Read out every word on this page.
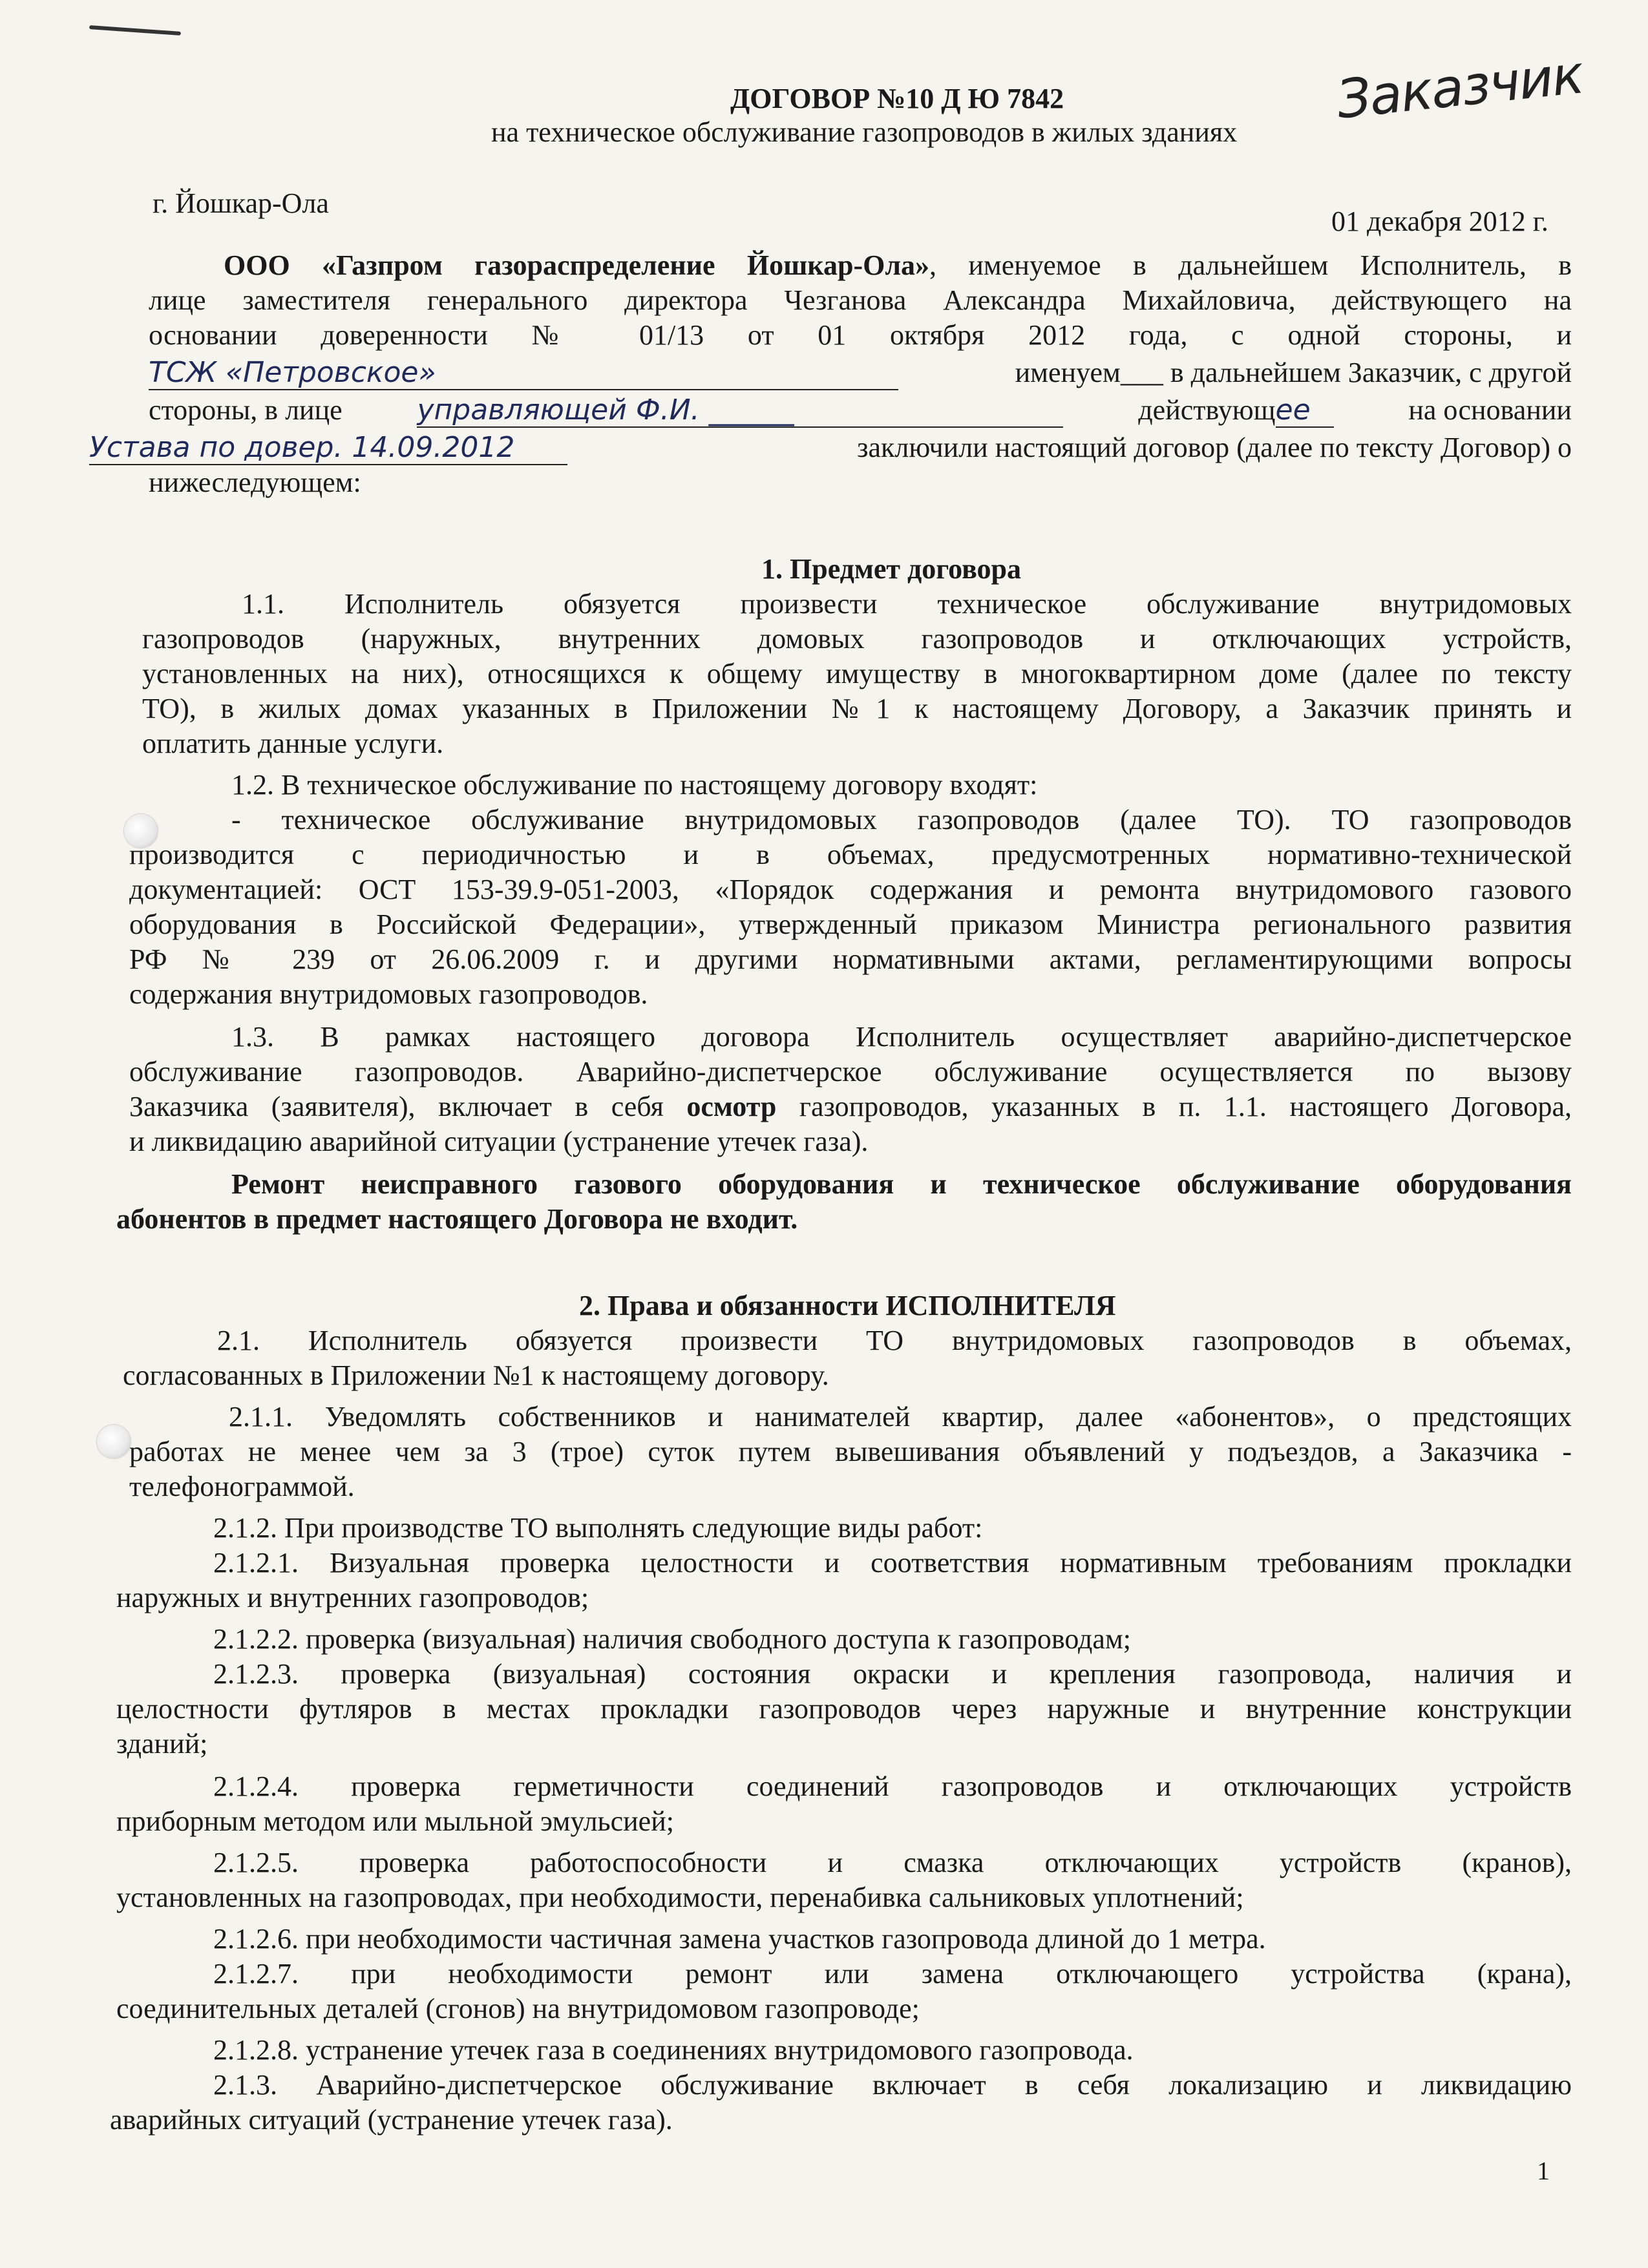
ДОГОВОР №10 Д Ю 7842	Заказчик
на техническое обслуживание газопроводов в жилых зданиях
г. Йошкар-Ола
01 декабря 2012 г.
ООО «Газпром газораспределение Йошкар-Ола», именуемое в дальнейшем Исполнитель, в
лице заместителя генерального директора Чезганова Александра Михайловича, действующего на
основании доверенности № 01/13 от 01 октября 2012 года, с одной стороны, и
ТСЖ «Петровское»	именуем___ в дальнейшем Заказчик, с другой
стороны, в лице	управляющей Ф.И. ______	действующее	на основании
Устава по довер. 14.09.2012	заключили настоящий договор (далее по тексту Договор) о
нижеследующем:
1. Предмет договора
1.1. Исполнитель обязуется произвести техническое обслуживание внутридомовых
газопроводов (наружных, внутренних домовых газопроводов и отключающих устройств,
установленных на них), относящихся к общему имуществу в многоквартирном доме (далее по тексту
ТО), в жилых домах указанных в Приложении №1 к настоящему Договору, а Заказчик принять и
оплатить данные услуги.
1.2. В техническое обслуживание по настоящему договору входят:
- техническое обслуживание внутридомовых газопроводов (далее ТО). ТО газопроводов
производится с периодичностью и в объемах, предусмотренных нормативно-технической
документацией: ОСТ 153-39.9-051-2003, «Порядок содержания и ремонта внутридомового газового
оборудования в Российской Федерации», утвержденный приказом Министра регионального развития
РФ № 239 от 26.06.2009 г. и другими нормативными актами, регламентирующими вопросы
содержания внутридомовых газопроводов.
1.3. В рамках настоящего договора Исполнитель осуществляет аварийно-диспетчерское
обслуживание газопроводов. Аварийно-диспетчерское обслуживание осуществляется по вызову
Заказчика (заявителя), включает в себя осмотр газопроводов, указанных в п. 1.1. настоящего Договора,
и ликвидацию аварийной ситуации (устранение утечек газа).
Ремонт неисправного газового оборудования и техническое обслуживание оборудования
абонентов в предмет настоящего Договора не входит.
2. Права и обязанности ИСПОЛНИТЕЛЯ
2.1. Исполнитель обязуется произвести ТО внутридомовых газопроводов в объемах,
согласованных в Приложении №1 к настоящему договору.
2.1.1. Уведомлять собственников и нанимателей квартир, далее «абонентов», о предстоящих
работах не менее чем за 3 (трое) суток путем вывешивания объявлений у подъездов, а Заказчика -
телефонограммой.
2.1.2. При производстве ТО выполнять следующие виды работ:
2.1.2.1. Визуальная проверка целостности и соответствия нормативным требованиям прокладки
наружных и внутренних газопроводов;
2.1.2.2. проверка (визуальная) наличия свободного доступа к газопроводам;
2.1.2.3. проверка (визуальная) состояния окраски и крепления газопровода, наличия и
целостности футляров в местах прокладки газопроводов через наружные и внутренние конструкции
зданий;
2.1.2.4. проверка герметичности соединений газопроводов и отключающих устройств
приборным методом или мыльной эмульсией;
2.1.2.5. проверка работоспособности и смазка отключающих устройств (кранов),
установленных на газопроводах, при необходимости, перенабивка сальниковых уплотнений;
2.1.2.6. при необходимости частичная замена участков газопровода длиной до 1 метра.
2.1.2.7. при необходимости ремонт или замена отключающего устройства (крана),
соединительных деталей (сгонов) на внутридомовом газопроводе;
2.1.2.8. устранение утечек газа в соединениях внутридомового газопровода.
2.1.3. Аварийно-диспетчерское обслуживание включает в себя локализацию и ликвидацию
аварийных ситуаций (устранение утечек газа).
1
